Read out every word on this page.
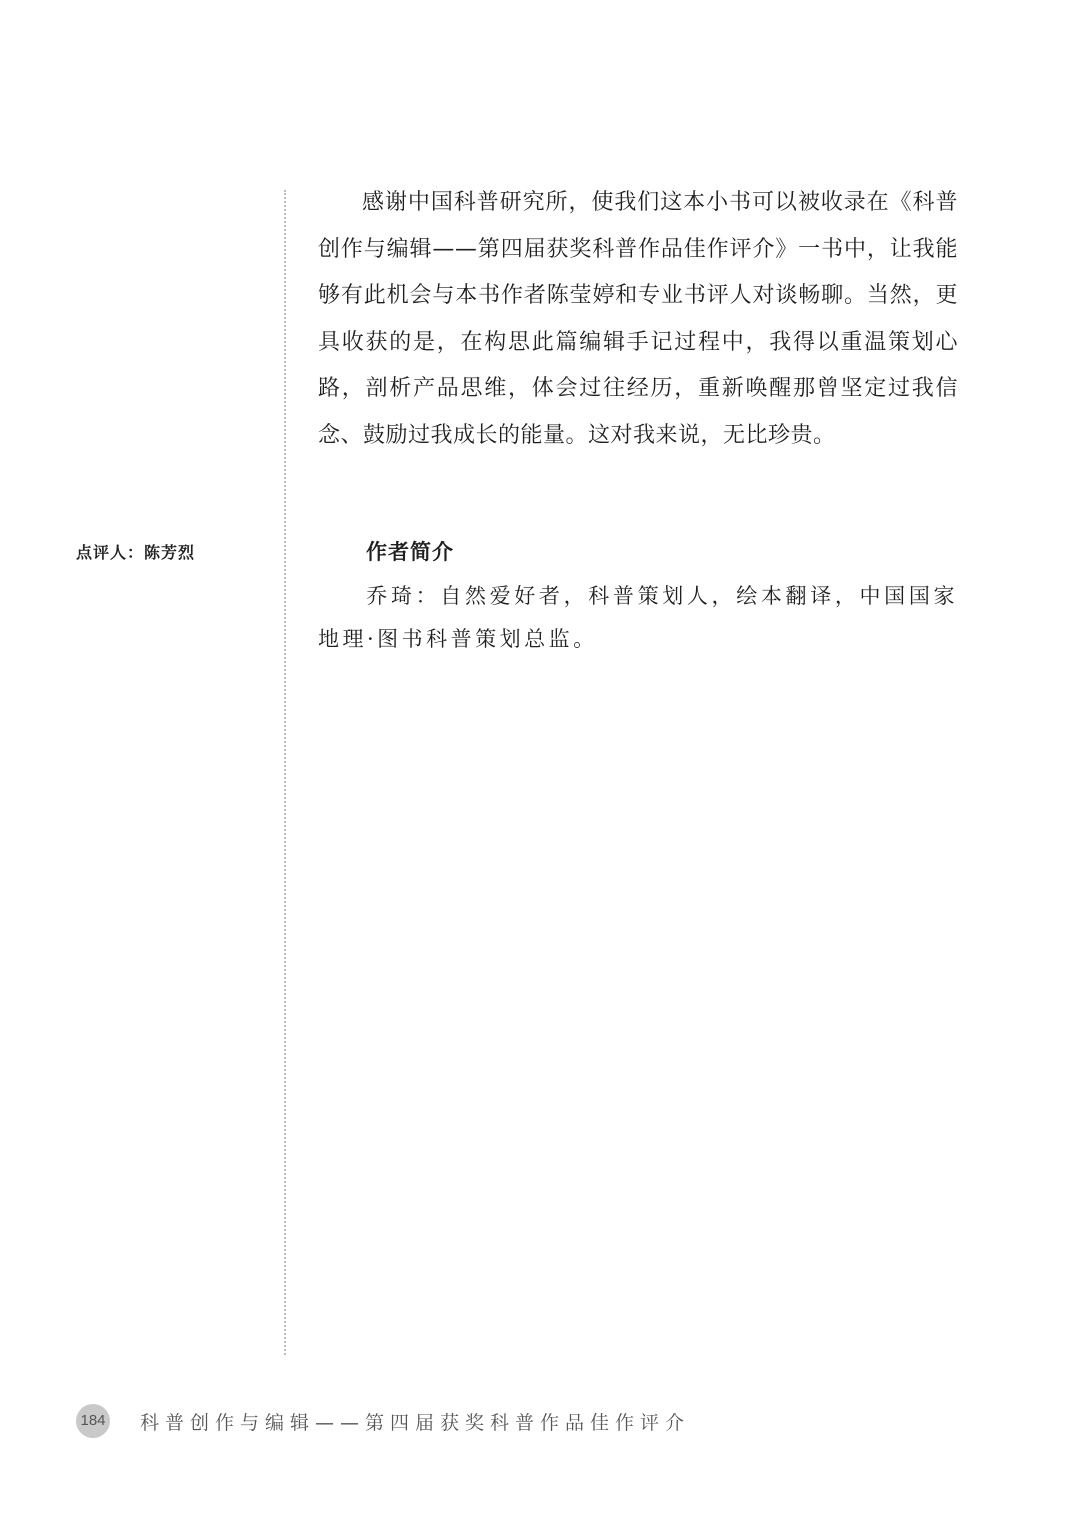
感谢中国科普研究所，使我们这本小书可以被收录在《科普创作与编辑——第四届获奖科普作品佳作评介》一书中，让我能够有此机会与本书作者陈莹婷和专业书评人对谈畅聊。当然，更具收获的是，在构思此篇编辑手记过程中，我得以重温策划心路，剖析产品思维，体会过往经历，重新唤醒那曾坚定过我信念、鼓励过我成长的能量。这对我来说，无比珍贵。

点评人：陈芳烈	作者简介

乔琦：自然爱好者，科普策划人，绘本翻译，中国国家地理·图书科普策划总监。

184 科普创作与编辑——第四届获奖科普作品佳作评介
